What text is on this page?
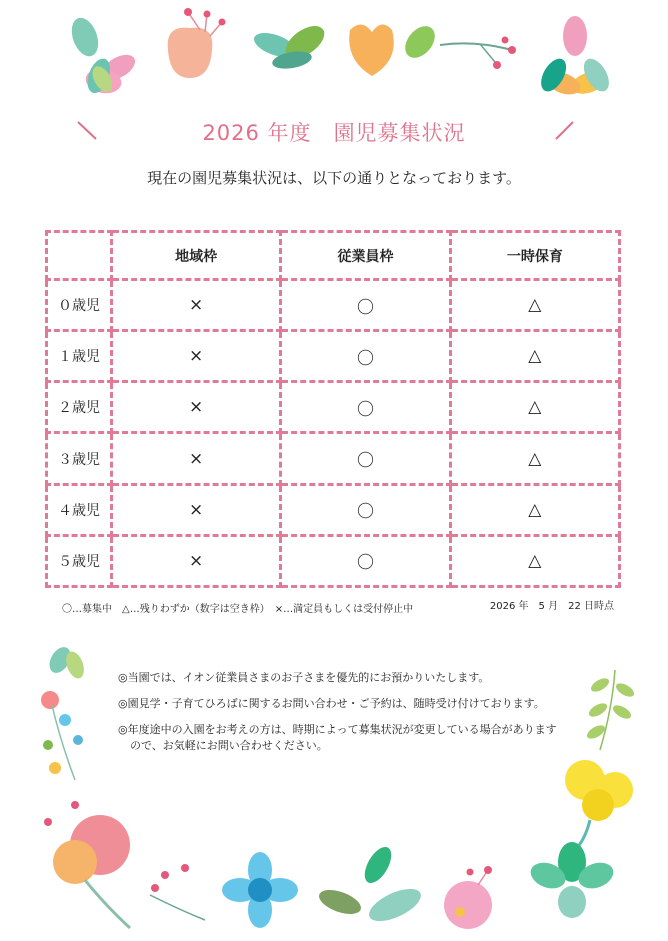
2026 年度 園児募集状況
現在の園児募集状況は、以下の通りとなっております。
	地域枠	従業員枠	一時保育
０歳児	×	〇	△
１歳児	×	〇	△
２歳児	×	〇	△
３歳児	×	〇	△
４歳児	×	〇	△
５歳児	×	〇	△
〇…募集中　△…残りわずか（数字は空き枠）　×…満定員もしくは受付停止中	2026 年　5 月　22 日時点

◎当園では、イオン従業員さまのお子さまを優先的にお預かりいたします。

◎園見学・子育てひろばに関するお問い合わせ・ご予約は、随時受け付けております。

◎年度途中の入園をお考えの方は、時期によって募集状況が変更している場合があります
ので、お気軽にお問い合わせください。
